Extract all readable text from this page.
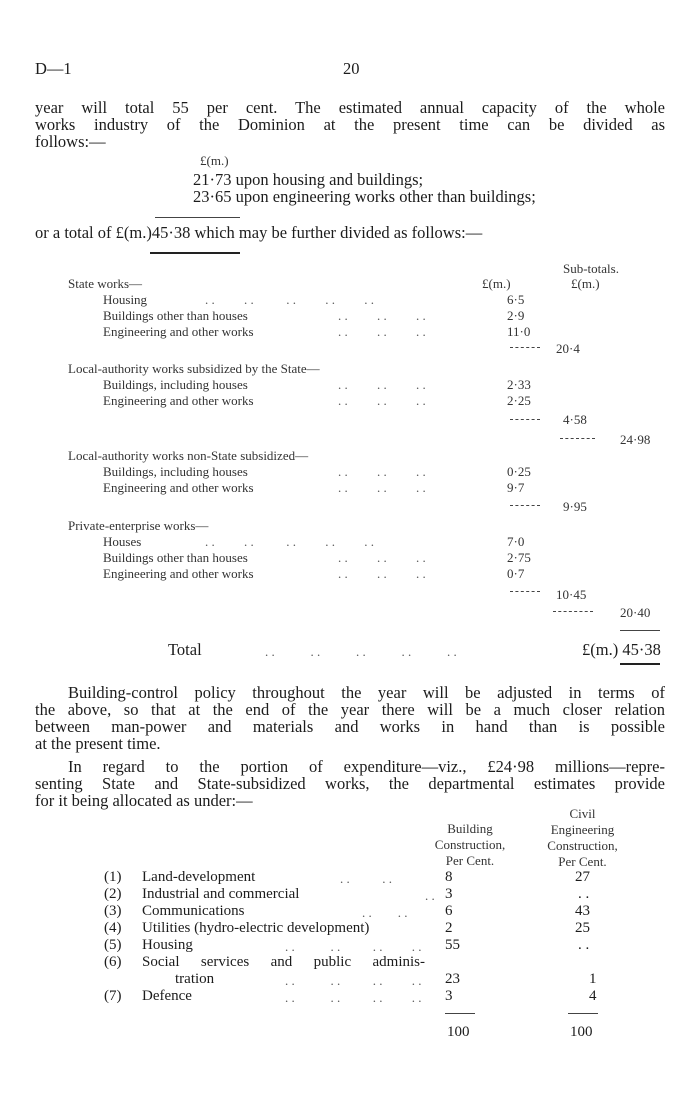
D—1	20
year will total 55 per cent. The estimated annual capacity of the whole
works industry of the Dominion at the present time can be divided as
follows:—
£(m.)
21·73 upon housing and buildings;
23·65 upon engineering works other than buildings;
or a total of £(m.)45·38 which may be further divided as follows:—
Sub-totals.
£(m.)	£(m.)
State works—
Housing	. .         . .          . .         . .         . .	6·5
Buildings other than houses	. .         . .         . .	2·9
Engineering and other works	. .         . .         . .	11·0
20·4
Local-authority works subsidized by the State—
Buildings, including houses	. .         . .         . .	2·33
Engineering and other works	. .         . .         . .	2·25
4·58
24·98
Local-authority works non-State subsidized—
Buildings, including houses	. .         . .         . .	0·25
Engineering and other works	. .         . .         . .	9·7
9·95
Private-enterprise works—
Houses	. .         . .          . .         . .         . .	7·0
Buildings other than houses	. .         . .         . .	2·75
Engineering and other works	. .         . .         . .	0·7
10·45
20·40
Total	. .           . .           . .           . .           . .	£(m.) 45·38
Building-control policy throughout the year will be adjusted in terms of
the above, so that at the end of the year there will be a much closer relation
between man-power and materials and works in hand than is possible
at the present time.
In regard to the portion of expenditure—viz., £24·98 millions—repre-
senting State and State-subsidized works, the departmental estimates provide
for it being allocated as under:—
Building
Construction,
Per Cent.
Civil
Engineering
Construction,
Per Cent.
(1) Land-development	. .          . .	8	27
(2) Industrial and commercial	. . 3	. .
(3) Communications	. .        . .	6	43
(4) Utilities (hydro-electric development)	2	25
(5) Housing	. .           . .          . .         . . 55	. .
(6) Social services and public adminis-
tration	. .           . .          . .         . . 23	1
(7) Defence	. .           . .          . .         . . 3	4
100	100
